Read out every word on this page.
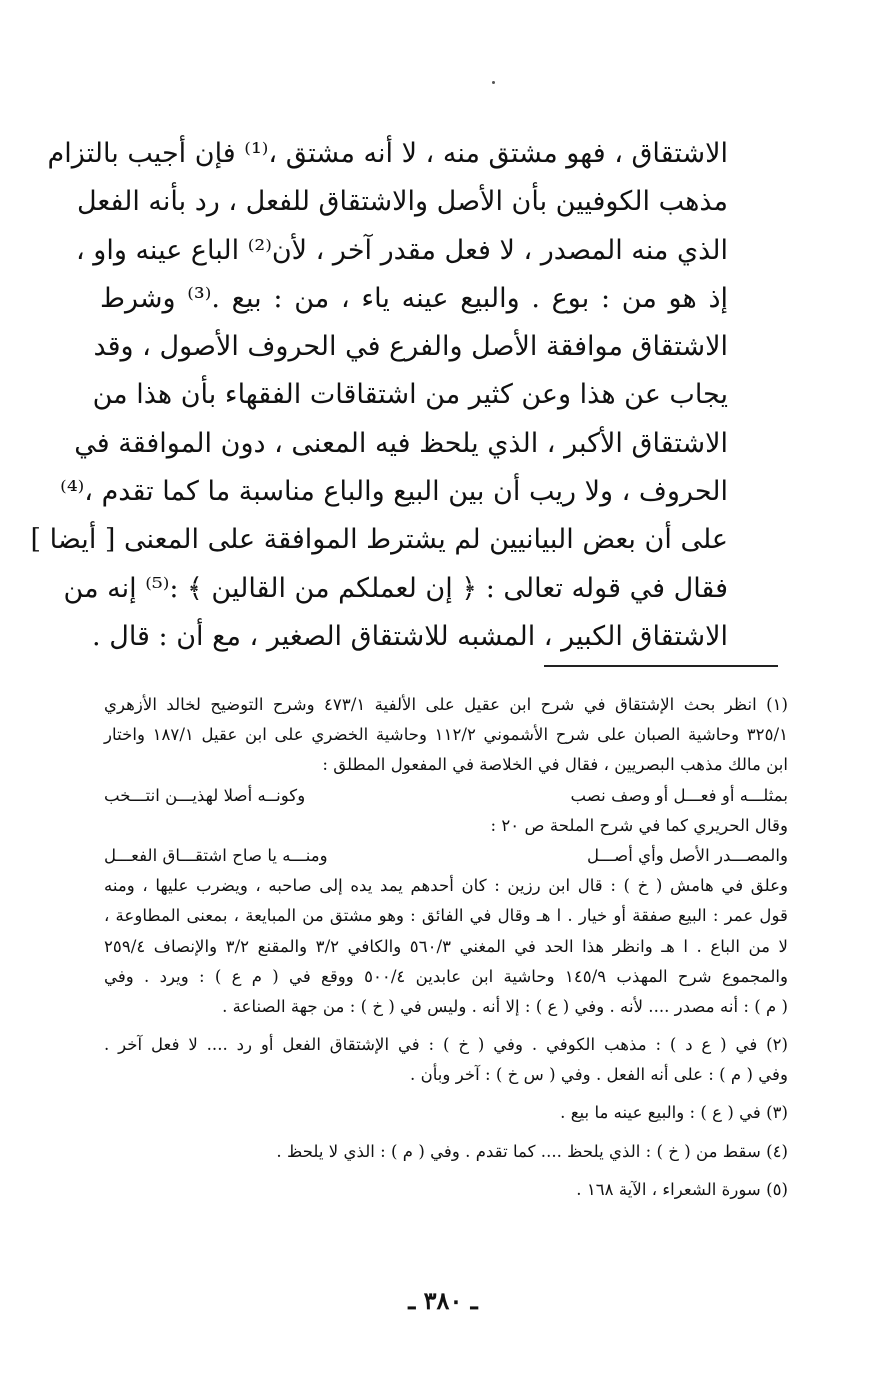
الاشتقاق ، فهو مشتق منه ، لا أنه مشتق ،⁽¹⁾ فإن أجيب بالتزام
مذهب الكوفيين بأن الأصل والاشتقاق للفعل ، رد بأنه الفعل
الذي منه المصدر ، لا فعل مقدر آخر ، لأن⁽²⁾ الباع عينه واو ،
إذ هو من : بوع . والبيع عينه ياء ، من : بيع .⁽³⁾ وشرط
الاشتقاق موافقة الأصل والفرع في الحروف الأصول ، وقد
يجاب عن هذا وعن كثير من اشتقاقات الفقهاء بأن هذا من
الاشتقاق الأكبر ، الذي يلحظ فيه المعنى ، دون الموافقة في
الحروف ، ولا ريب أن بين البيع والباع مناسبة ما كما تقدم ،⁽⁴⁾
على أن بعض البيانيين لم يشترط الموافقة على المعنى [ أيضا ]
فقال في قوله تعالى : ﴿ إن لعملكم من القالين ﴾ :⁽⁵⁾ إنه من
الاشتقاق الكبير ، المشبه للاشتقاق الصغير ، مع أن : قال .
(١) انظر بحث الإشتقاق في شرح ابن عقيل على الألفية ٤٧٣/١ وشرح التوضيح لخالد الأزهري
٣٢٥/١ وحاشية الصبان على شرح الأشموني ١١٢/٢ وحاشية الخضري على ابن عقيل ١٨٧/١ واختار
ابن مالك مذهب البصريين ، فقال في الخلاصة في المفعول المطلق :
بمثلـــه أو فعـــل أو وصف نصب
وكونــه أصلا لهذيـــن انتـــخب
وقال الحريري كما في شرح الملحة ص ٢٠ :
والمصـــدر الأصل وأي أصـــل
ومنـــه يا صاح اشتقـــاق الفعـــل
وعلق في هامش ( خ ) : قال ابن رزين : كان أحدهم يمد يده إلى صاحبه ، ويضرب عليها ، ومنه
قول عمر : البيع صفقة أو خيار . ا هـ وقال في الفائق : وهو مشتق من المبايعة ، بمعنى المطاوعة ،
لا من الباع . ا هـ وانظر هذا الحد في المغني ٥٦٠/٣ والكافي ٣/٢ والمقنع ٣/٢ والإنصاف ٢٥٩/٤
والمجموع شرح المهذب ١٤٥/٩ وحاشية ابن عابدين ٥٠٠/٤ ووقع في ( م ع ) : ويرد . وفي
( م ) : أنه مصدر .... لأنه . وفي ( ع ) : إلا أنه . وليس في ( خ ) : من جهة الصناعة .
(٢) في ( ع د ) : مذهب الكوفي . وفي ( خ ) : في الإشتقاق الفعل أو رد .... لا فعل آخر .
وفي ( م ) : على أنه الفعل . وفي ( س خ ) : آخر وبأن .
(٣) في ( ع ) : والبيع عينه ما بيع .
(٤) سقط من ( خ ) : الذي يلحظ .... كما تقدم . وفي ( م ) : الذي لا يلحظ .
(٥) سورة الشعراء ، الآية ١٦٨ .
ـ ٣٨٠ ـ
